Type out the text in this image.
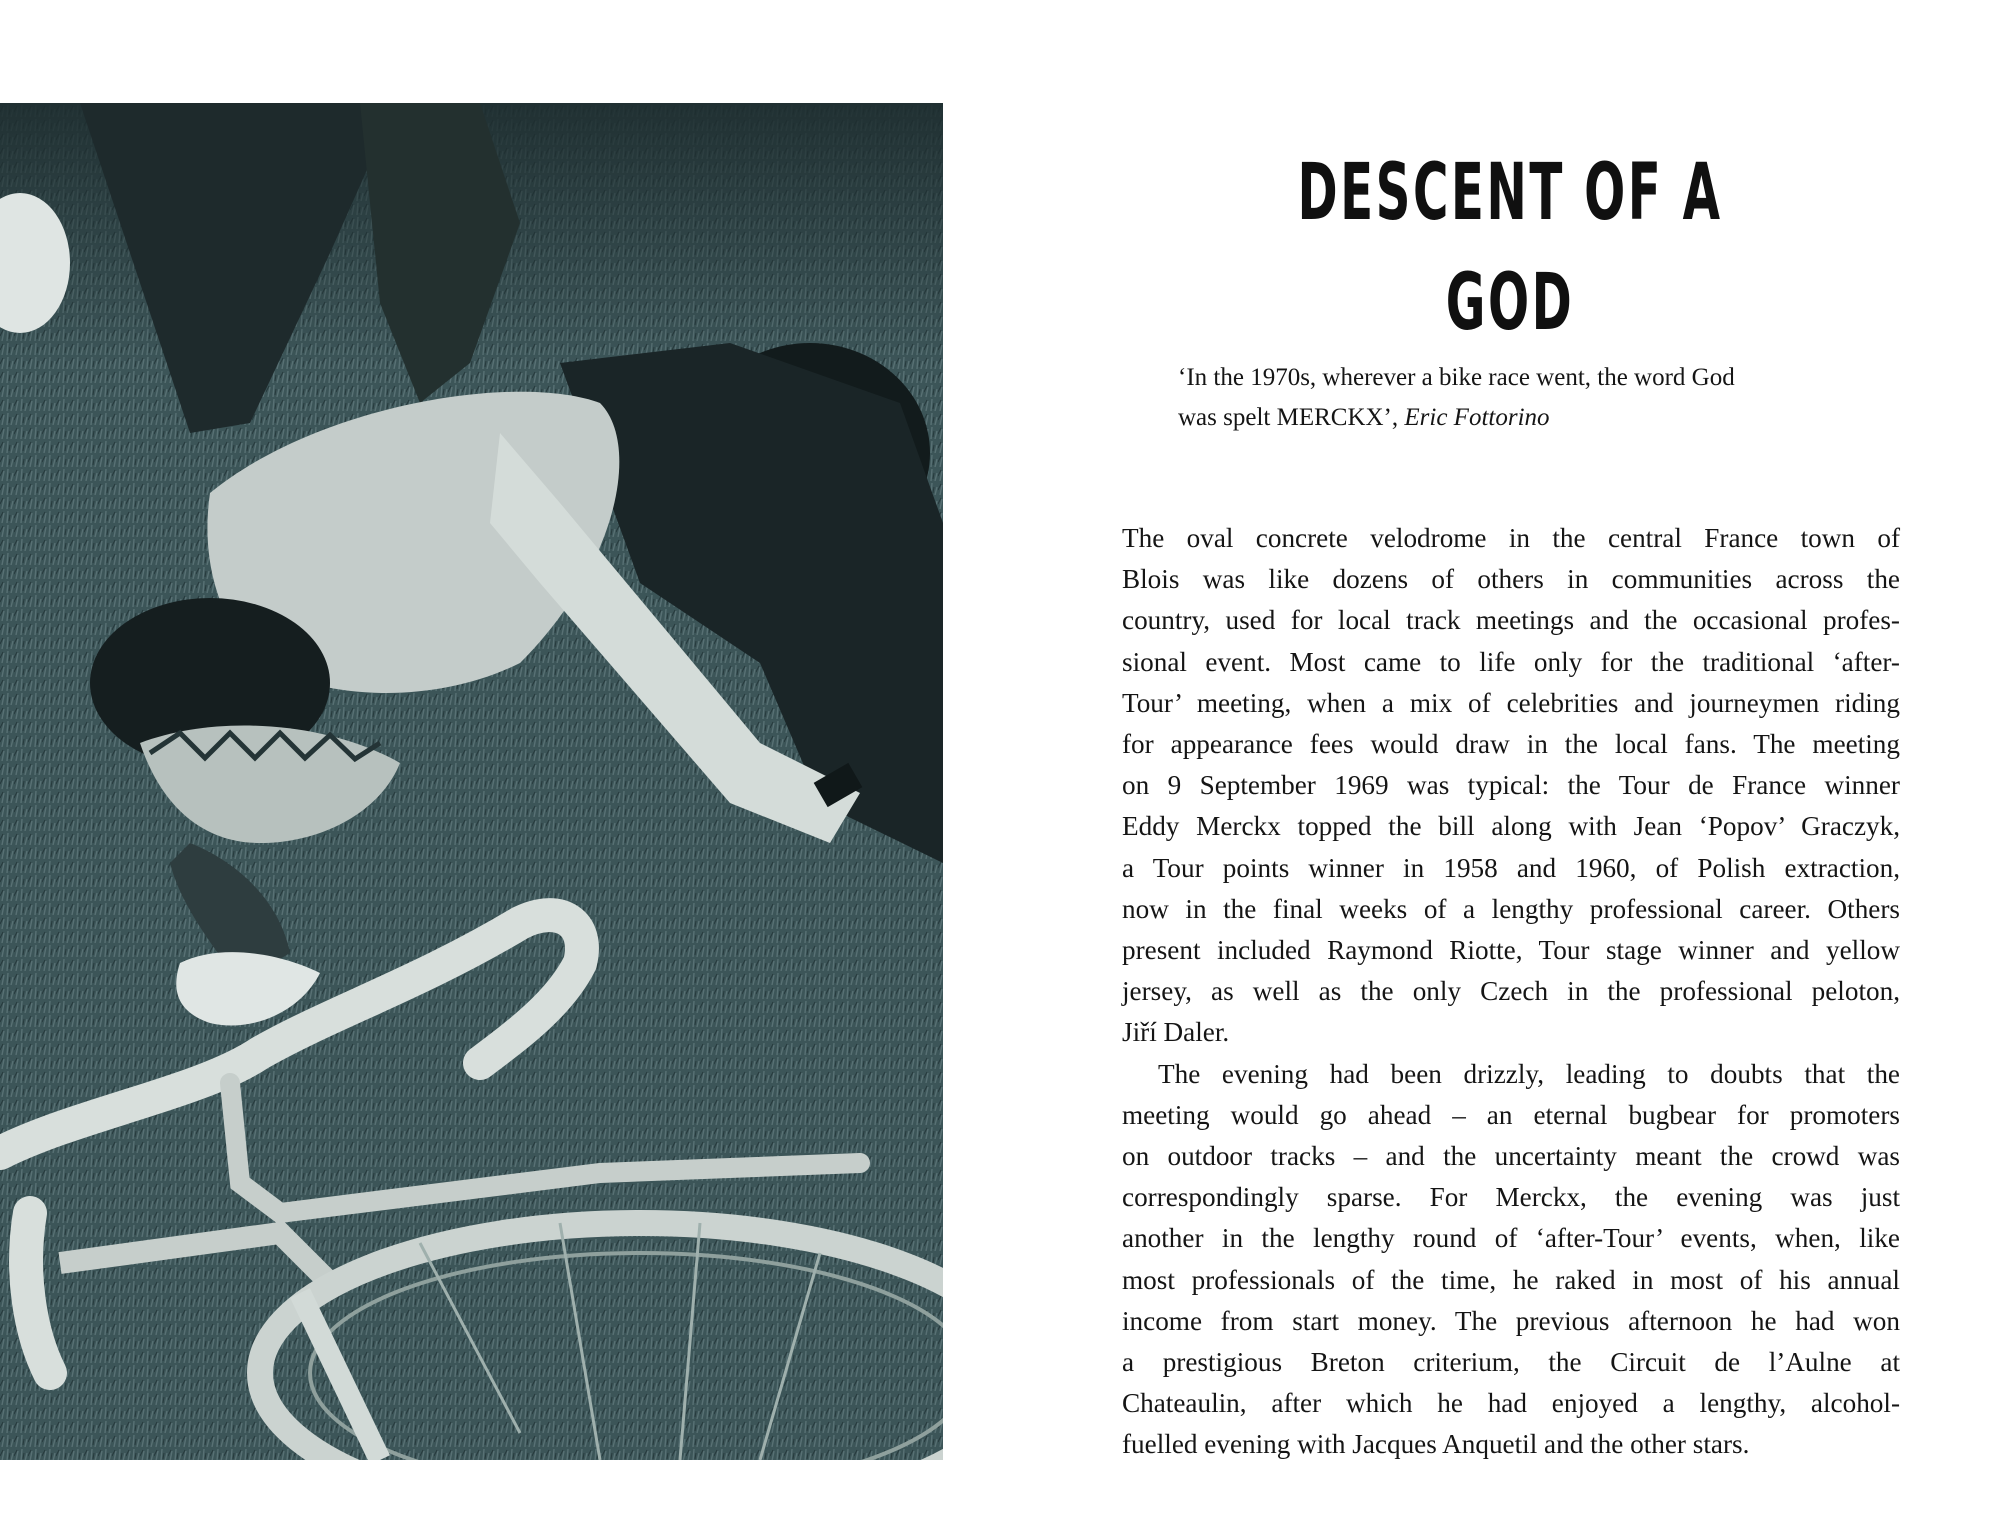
DESCENT OF A GOD
‘In the 1970s, wherever a bike race went, the word God
was spelt MERCKX’, Eric Fottorino

The oval concrete velodrome in the central France town of
Blois was like dozens of others in communities across the
country, used for local track meetings and the occasional profes-
sional event. Most came to life only for the traditional ‘after-
Tour’ meeting, when a mix of celebrities and journeymen riding
for appearance fees would draw in the local fans. The meeting
on 9 September 1969 was typical: the Tour de France winner
Eddy Merckx topped the bill along with Jean ‘Popov’ Graczyk,
a Tour points winner in 1958 and 1960, of Polish extraction,
now in the final weeks of a lengthy professional career. Others
present included Raymond Riotte, Tour stage winner and yellow
jersey, as well as the only Czech in the professional peloton,
Jiří Daler.

The evening had been drizzly, leading to doubts that the
meeting would go ahead – an eternal bugbear for promoters
on outdoor tracks – and the uncertainty meant the crowd was
correspondingly sparse. For Merckx, the evening was just
another in the lengthy round of ‘after-Tour’ events, when, like
most professionals of the time, he raked in most of his annual
income from start money. The previous afternoon he had won
a prestigious Breton criterium, the Circuit de l’Aulne at
Chateaulin, after which he had enjoyed a lengthy, alcohol-
fuelled evening with Jacques Anquetil and the other stars.
